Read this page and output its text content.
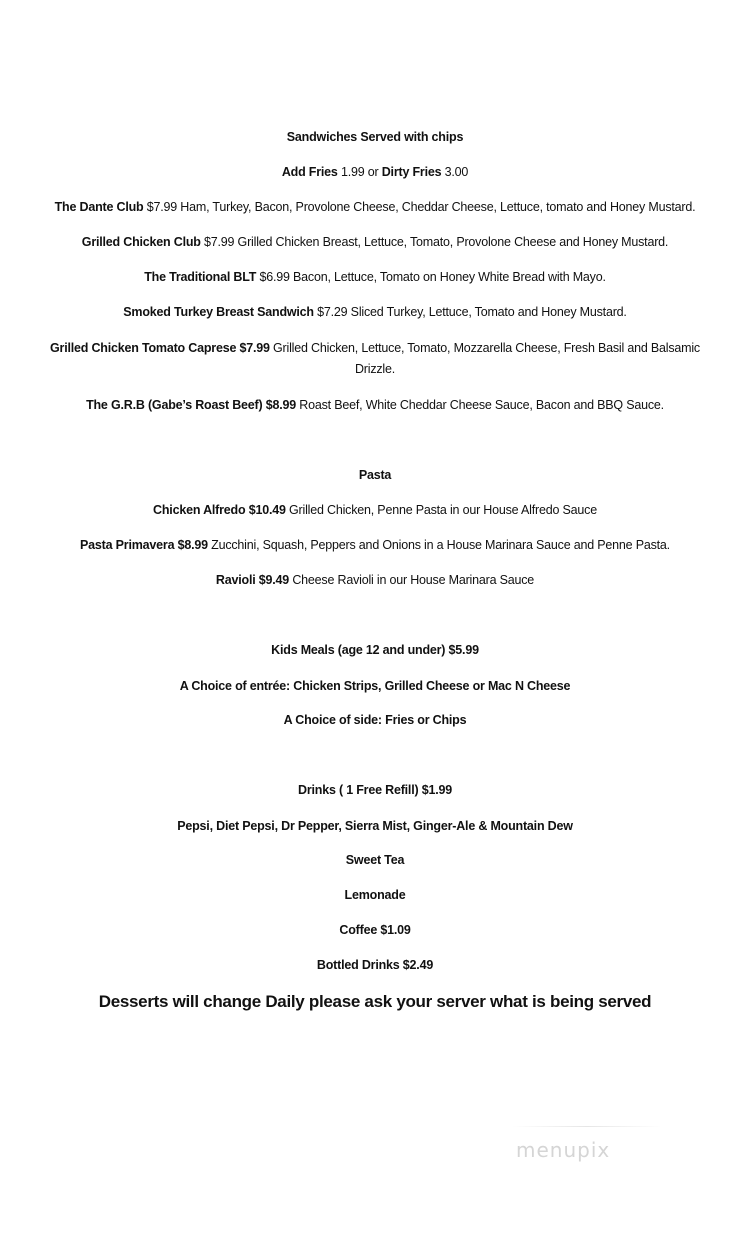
Sandwiches Served with chips
Add Fries 1.99 or Dirty Fries 3.00
The Dante Club $7.99 Ham, Turkey, Bacon, Provolone Cheese, Cheddar Cheese, Lettuce, tomato and Honey Mustard.
Grilled Chicken Club $7.99 Grilled Chicken Breast, Lettuce, Tomato, Provolone Cheese and Honey Mustard.
The Traditional BLT $6.99 Bacon, Lettuce, Tomato on Honey White Bread with Mayo.
Smoked Turkey Breast Sandwich $7.29 Sliced Turkey, Lettuce, Tomato and Honey Mustard.
Grilled Chicken Tomato Caprese $7.99 Grilled Chicken, Lettuce, Tomato, Mozzarella Cheese, Fresh Basil and Balsamic Drizzle.
The G.R.B (Gabe’s Roast Beef) $8.99 Roast Beef, White Cheddar Cheese Sauce, Bacon and BBQ Sauce.
Pasta
Chicken Alfredo $10.49 Grilled Chicken, Penne Pasta in our House Alfredo Sauce
Pasta Primavera $8.99 Zucchini, Squash, Peppers and Onions in a House Marinara Sauce and Penne Pasta.
Ravioli $9.49 Cheese Ravioli in our House Marinara Sauce
Kids Meals (age 12 and under) $5.99
A Choice of entrée: Chicken Strips, Grilled Cheese or Mac N Cheese
A Choice of side: Fries or Chips
Drinks ( 1 Free Refill) $1.99
Pepsi, Diet Pepsi, Dr Pepper, Sierra Mist, Ginger-Ale & Mountain Dew
Sweet Tea
Lemonade
Coffee $1.09
Bottled Drinks $2.49
Desserts will change Daily please ask your server what is being served
menupix
